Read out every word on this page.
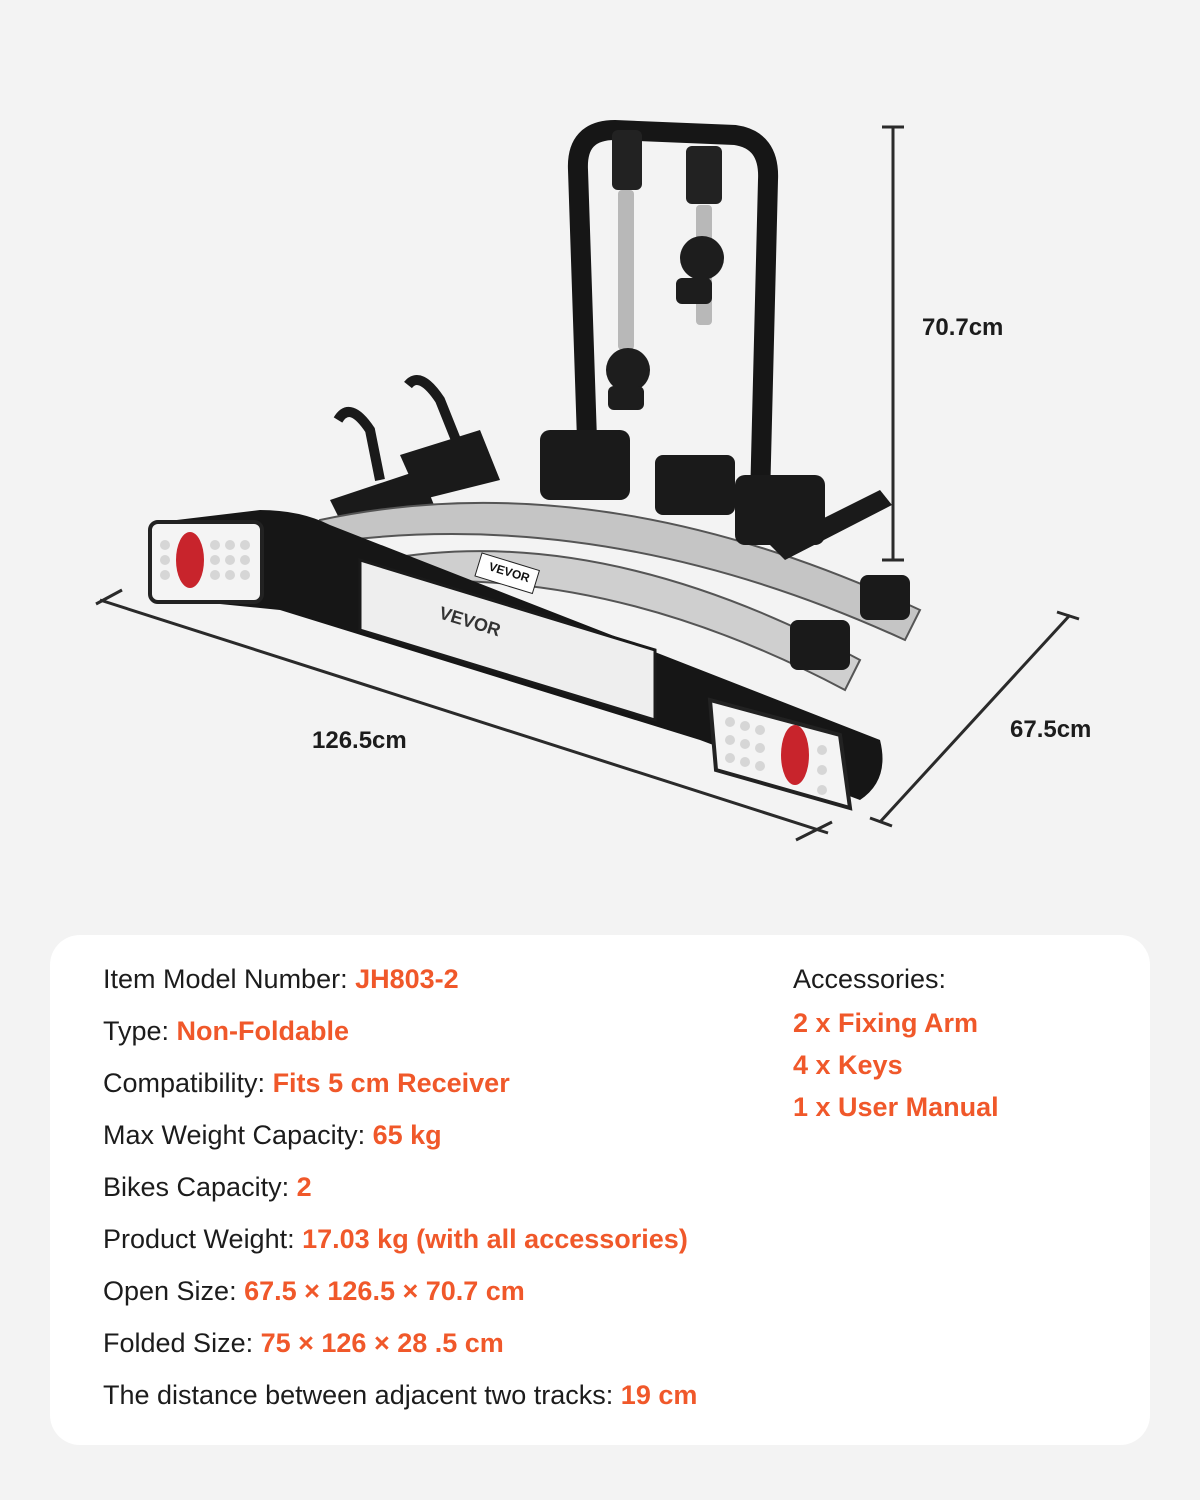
VEVOR
VEVOR
70.7cm
126.5cm	67.5cm
Item Model Number: JH803-2
Type: Non-Foldable
Compatibility: Fits 5 cm Receiver
Max Weight Capacity: 65 kg
Bikes Capacity: 2
Product Weight: 17.03 kg (with all accessories)
Open Size: 67.5 × 126.5 × 70.7 cm
Folded Size: 75 × 126 × 28 .5 cm
The distance between adjacent two tracks: 19 cm
Accessories:
2 x Fixing Arm
4 x Keys
1 x User Manual
